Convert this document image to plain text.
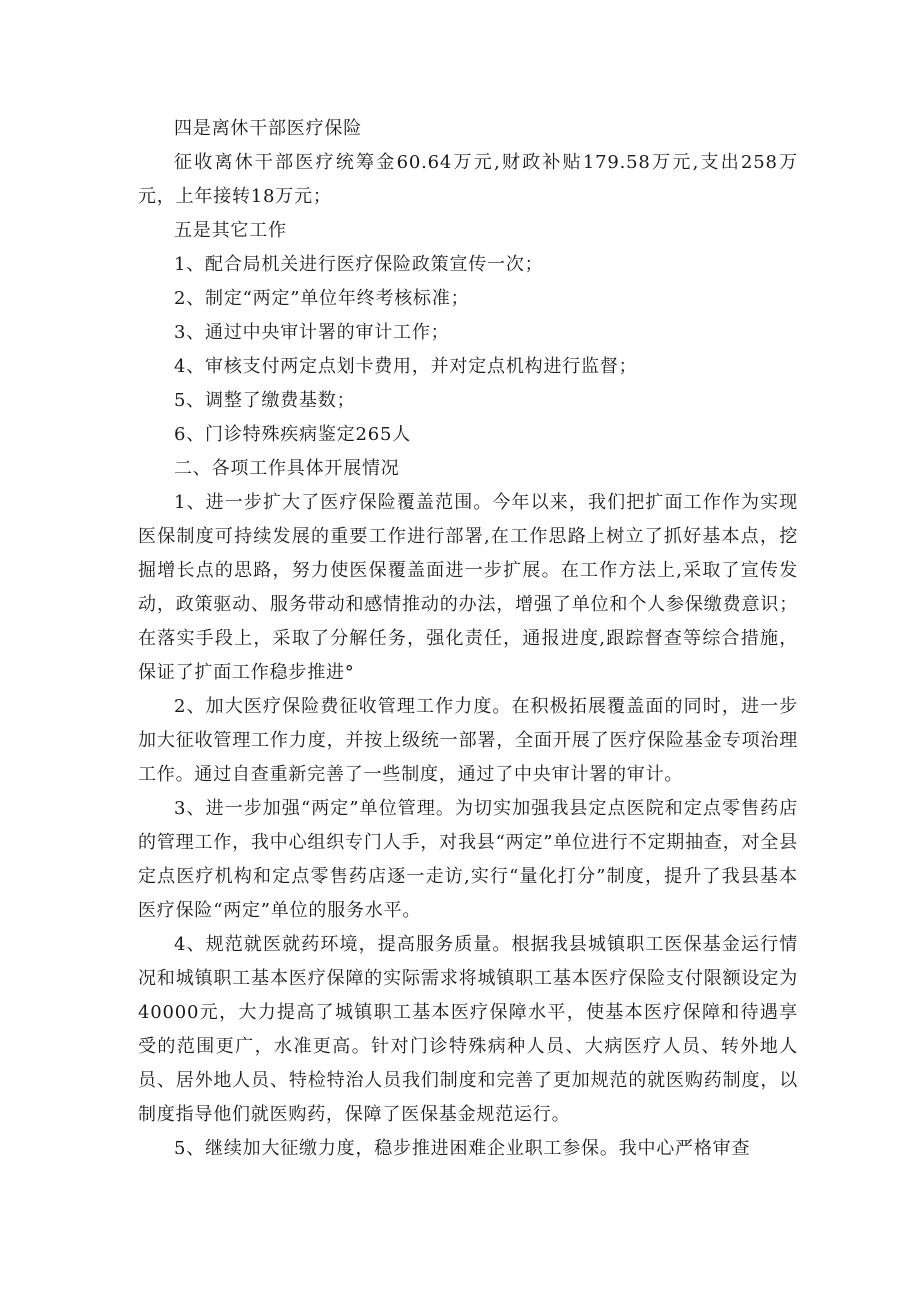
四是离休干部医疗保险

征收离休干部医疗统筹金60.64万元,财政补贴179.58万元,支出258万元，上年接转18万元；

五是其它工作

1、配合局机关进行医疗保险政策宣传一次；

2、制定“两定”单位年终考核标准；

3、通过中央审计署的审计工作；

4、审核支付两定点划卡费用，并对定点机构进行监督；

5、调整了缴费基数；

6、门诊特殊疾病鉴定265人

二、各项工作具体开展情况

1、进一步扩大了医疗保险覆盖范围。今年以来，我们把扩面工作作为实现医保制度可持续发展的重要工作进行部署,在工作思路上树立了抓好基本点，挖掘增长点的思路，努力使医保覆盖面进一步扩展。在工作方法上,采取了宣传发动，政策驱动、服务带动和感情推动的办法，增强了单位和个人参保缴费意识；在落实手段上，采取了分解任务，强化责任，通报进度,跟踪督查等综合措施，保证了扩面工作稳步推进°

2、加大医疗保险费征收管理工作力度。在积极拓展覆盖面的同时，进一步加大征收管理工作力度，并按上级统一部署，全面开展了医疗保险基金专项治理工作。通过自查重新完善了一些制度，通过了中央审计署的审计。

3、进一步加强“两定”单位管理。为切实加强我县定点医院和定点零售药店的管理工作，我中心组织专门人手，对我县“两定”单位进行不定期抽查，对全县定点医疗机构和定点零售药店逐一走访,实行“量化打分”制度，提升了我县基本医疗保险“两定”单位的服务水平。

4、规范就医就药环境，提高服务质量。根据我县城镇职工医保基金运行情况和城镇职工基本医疗保障的实际需求将城镇职工基本医疗保险支付限额设定为40000元，大力提高了城镇职工基本医疗保障水平，使基本医疗保障和待遇享受的范围更广，水准更高。针对门诊特殊病种人员、大病医疗人员、转外地人员、居外地人员、特检特治人员我们制度和完善了更加规范的就医购药制度，以制度指导他们就医购药，保障了医保基金规范运行。

5、继续加大征缴力度，稳步推进困难企业职工参保。我中心严格审查
